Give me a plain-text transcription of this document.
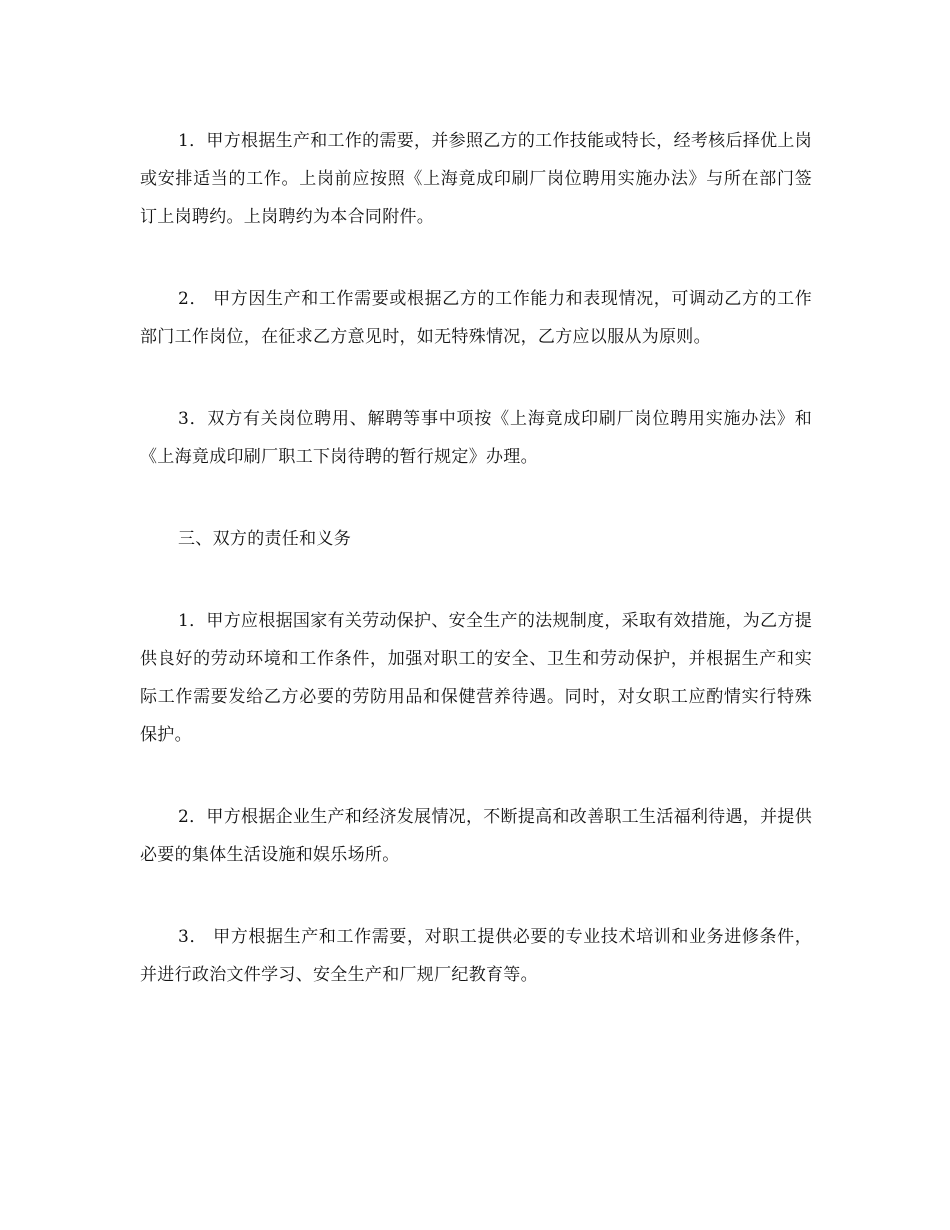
1．甲方根据生产和工作的需要，并参照乙方的工作技能或特长，经考核后择优上岗或安排适当的工作。上岗前应按照《上海竟成印刷厂岗位聘用实施办法》与所在部门签订上岗聘约。上岗聘约为本合同附件。

2． 甲方因生产和工作需要或根据乙方的工作能力和表现情况，可调动乙方的工作部门工作岗位，在征求乙方意见时，如无特殊情况，乙方应以服从为原则。

3．双方有关岗位聘用、解聘等事中项按《上海竟成印刷厂岗位聘用实施办法》和《上海竟成印刷厂职工下岗待聘的暂行规定》办理。

三、双方的责任和义务

1．甲方应根据国家有关劳动保护、安全生产的法规制度，采取有效措施，为乙方提供良好的劳动环境和工作条件，加强对职工的安全、卫生和劳动保护，并根据生产和实际工作需要发给乙方必要的劳防用品和保健营养待遇。同时，对女职工应酌情实行特殊保护。

2．甲方根据企业生产和经济发展情况，不断提高和改善职工生活福利待遇，并提供必要的集体生活设施和娱乐场所。

3． 甲方根据生产和工作需要，对职工提供必要的专业技术培训和业务进修条件，并进行政治文件学习、安全生产和厂规厂纪教育等。
